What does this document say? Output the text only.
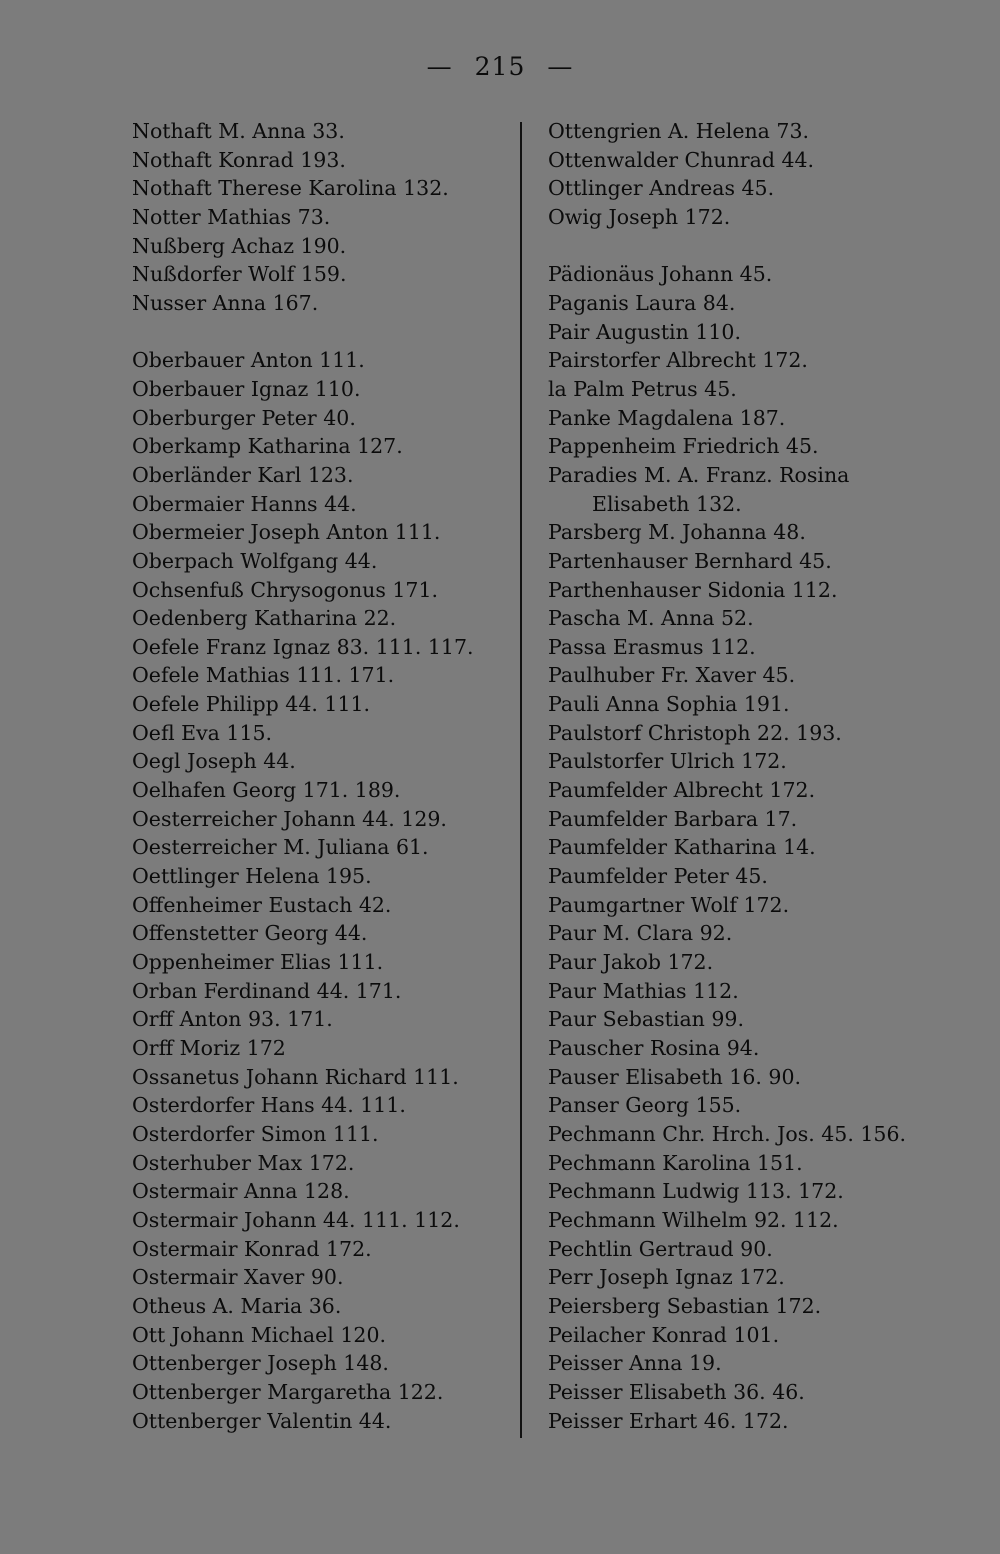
— 215 —
Nothaft M. Anna 33.
Nothaft Konrad 193.
Nothaft Therese Karolina 132.
Notter Mathias 73.
Nußberg Achaz 190.
Nußdorfer Wolf 159.
Nusser Anna 167.
Oberbauer Anton 111.
Oberbauer Ignaz 110.
Oberburger Peter 40.
Oberkamp Katharina 127.
Oberländer Karl 123.
Obermaier Hanns 44.
Obermeier Joseph Anton 111.
Oberpach Wolfgang 44.
Ochsenfuß Chrysogonus 171.
Oedenberg Katharina 22.
Oefele Franz Ignaz 83. 111. 117.
Oefele Mathias 111. 171.
Oefele Philipp 44. 111.
Oefl Eva 115.
Oegl Joseph 44.
Oelhafen Georg 171. 189.
Oesterreicher Johann 44. 129.
Oesterreicher M. Juliana 61.
Oettlinger Helena 195.
Offenheimer Eustach 42.
Offenstetter Georg 44.
Oppenheimer Elias 111.
Orban Ferdinand 44. 171.
Orff Anton 93. 171.
Orff Moriz 172
Ossanetus Johann Richard 111.
Osterdorfer Hans 44. 111.
Osterdorfer Simon 111.
Osterhuber Max 172.
Ostermair Anna 128.
Ostermair Johann 44. 111. 112.
Ostermair Konrad 172.
Ostermair Xaver 90.
Otheus A. Maria 36.
Ott Johann Michael 120.
Ottenberger Joseph 148.
Ottenberger Margaretha 122.
Ottenberger Valentin 44.
Ottengrien A. Helena 73.
Ottenwalder Chunrad 44.
Ottlinger Andreas 45.
Owig Joseph 172.
Pädionäus Johann 45.
Paganis Laura 84.
Pair Augustin 110.
Pairstorfer Albrecht 172.
la Palm Petrus 45.
Panke Magdalena 187.
Pappenheim Friedrich 45.
Paradies M. A. Franz. Rosina
Elisabeth 132.
Parsberg M. Johanna 48.
Partenhauser Bernhard 45.
Parthenhauser Sidonia 112.
Pascha M. Anna 52.
Passa Erasmus 112.
Paulhuber Fr. Xaver 45.
Pauli Anna Sophia 191.
Paulstorf Christoph 22. 193.
Paulstorfer Ulrich 172.
Paumfelder Albrecht 172.
Paumfelder Barbara 17.
Paumfelder Katharina 14.
Paumfelder Peter 45.
Paumgartner Wolf 172.
Paur M. Clara 92.
Paur Jakob 172.
Paur Mathias 112.
Paur Sebastian 99.
Pauscher Rosina 94.
Pauser Elisabeth 16. 90.
Panser Georg 155.
Pechmann Chr. Hrch. Jos. 45. 156.
Pechmann Karolina 151.
Pechmann Ludwig 113. 172.
Pechmann Wilhelm 92. 112.
Pechtlin Gertraud 90.
Perr Joseph Ignaz 172.
Peiersberg Sebastian 172.
Peilacher Konrad 101.
Peisser Anna 19.
Peisser Elisabeth 36. 46.
Peisser Erhart 46. 172.
